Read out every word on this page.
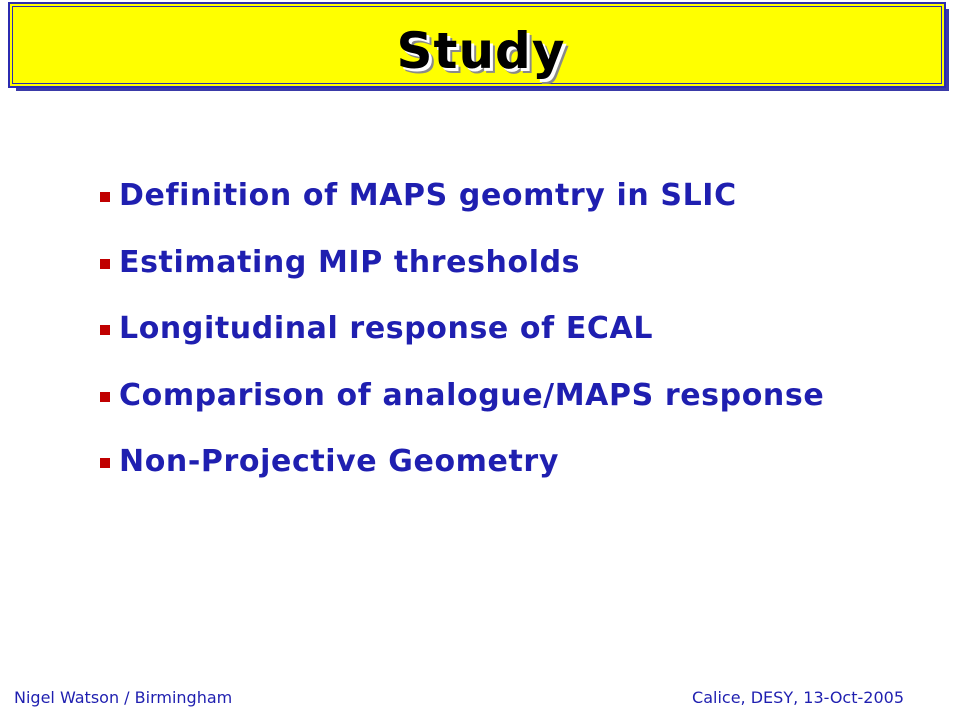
Study
Definition of MAPS geomtry in SLIC
Estimating MIP thresholds
Longitudinal response of ECAL
Comparison of analogue/MAPS response
Non-Projective Geometry
Nigel Watson / Birmingham	Calice, DESY, 13-Oct-2005
